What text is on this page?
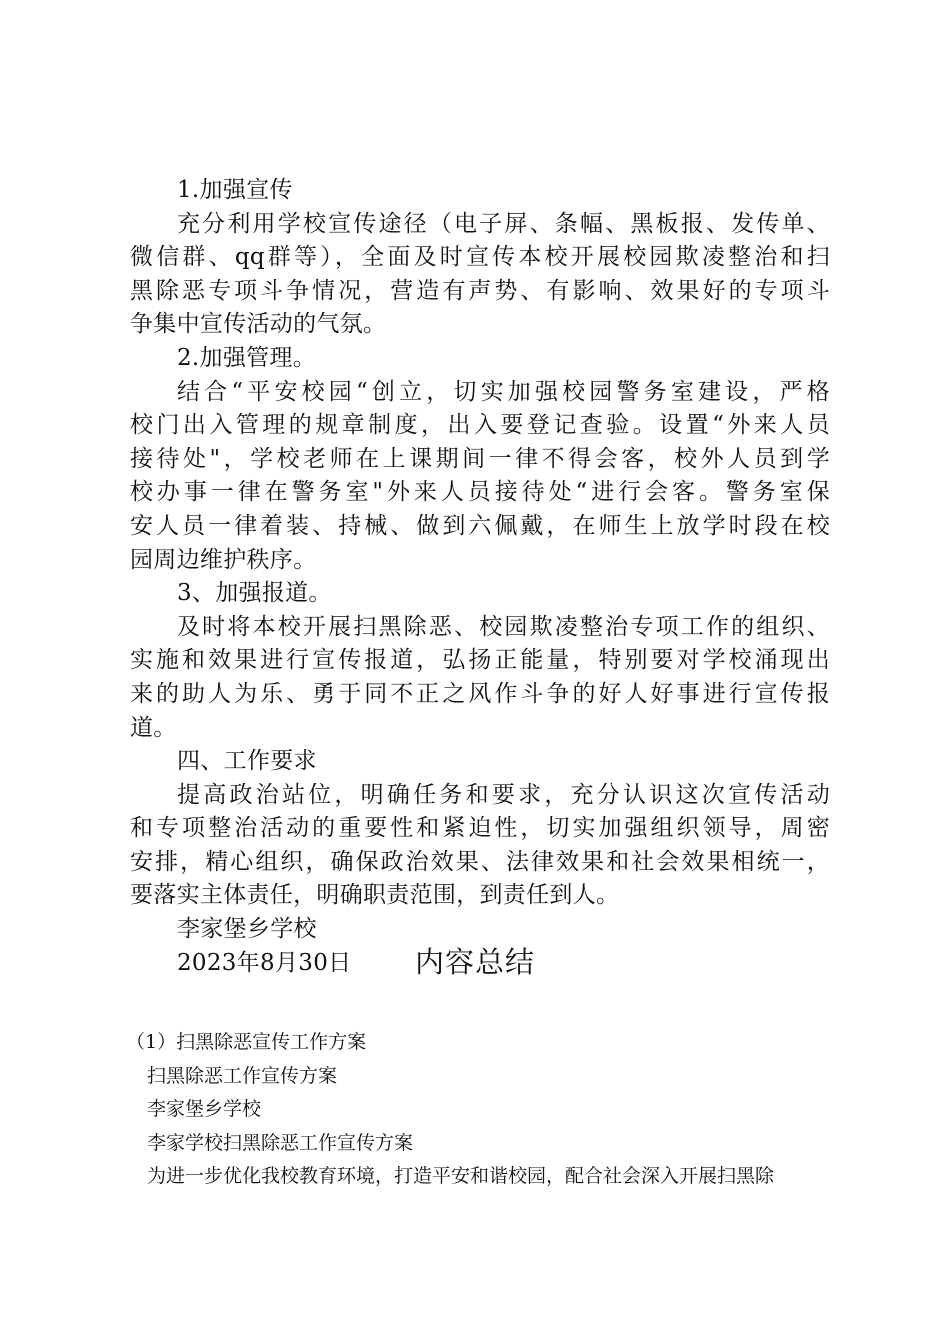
1.加强宣传
充分利用学校宣传途径（电子屏、条幅、黑板报、发传单、
微信群、qq群等），全面及时宣传本校开展校园欺凌整治和扫
黑除恶专项斗争情况，营造有声势、有影响、效果好的专项斗
争集中宣传活动的气氛。
2.加强管理。
结合“平安校园“创立，切实加强校园警务室建设，严格
校门出入管理的规章制度，出入要登记查验。设置“外来人员
接待处"，学校老师在上课期间一律不得会客，校外人员到学
校办事一律在警务室"外来人员接待处“进行会客。警务室保
安人员一律着装、持械、做到六佩戴，在师生上放学时段在校
园周边维护秩序。
3、加强报道。
及时将本校开展扫黑除恶、校园欺凌整治专项工作的组织、
实施和效果进行宣传报道，弘扬正能量，特别要对学校涌现出
来的助人为乐、勇于同不正之风作斗争的好人好事进行宣传报
道。
四、工作要求
提高政治站位，明确任务和要求，充分认识这次宣传活动
和专项整治活动的重要性和紧迫性，切实加强组织领导，周密
安排，精心组织，确保政治效果、法律效果和社会效果相统一，
要落实主体责任，明确职责范围，到责任到人。
李家堡乡学校
2023年8月30日	内容总结
（1）扫黑除恶宣传工作方案
扫黑除恶工作宣传方案
李家堡乡学校
李家学校扫黑除恶工作宣传方案
为进一步优化我校教育环境，打造平安和谐校园，配合社会深入开展扫黑除
